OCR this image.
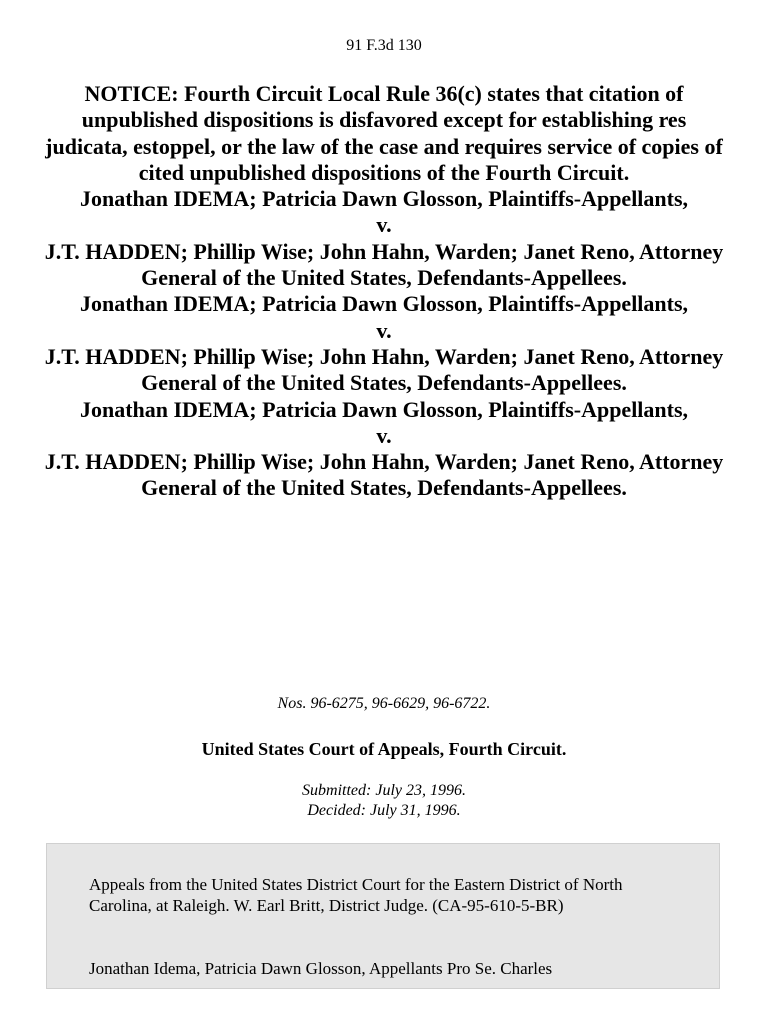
91 F.3d 130

NOTICE: Fourth Circuit Local Rule 36(c) states that citation of unpublished dispositions is disfavored except for establishing res judicata, estoppel, or the law of the case and requires service of copies of cited unpublished dispositions of the Fourth Circuit.

Jonathan IDEMA; Patricia Dawn Glosson, Plaintiffs-Appellants,

v.

J.T. HADDEN; Phillip Wise; John Hahn, Warden; Janet Reno, Attorney General of the United States, Defendants-Appellees.

Jonathan IDEMA; Patricia Dawn Glosson, Plaintiffs-Appellants,

v.

J.T. HADDEN; Phillip Wise; John Hahn, Warden; Janet Reno, Attorney General of the United States, Defendants-Appellees.

Jonathan IDEMA; Patricia Dawn Glosson, Plaintiffs-Appellants,

v.

J.T. HADDEN; Phillip Wise; John Hahn, Warden; Janet Reno, Attorney General of the United States, Defendants-Appellees.

Nos. 96-6275, 96-6629, 96-6722.
United States Court of Appeals, Fourth Circuit.
Submitted: July 23, 1996.
Decided: July 31, 1996.

Appeals from the United States District Court for the Eastern District of North Carolina, at Raleigh. W. Earl Britt, District Judge. (CA-95-610-5-BR)

Jonathan Idema, Patricia Dawn Glosson, Appellants Pro Se. Charles
